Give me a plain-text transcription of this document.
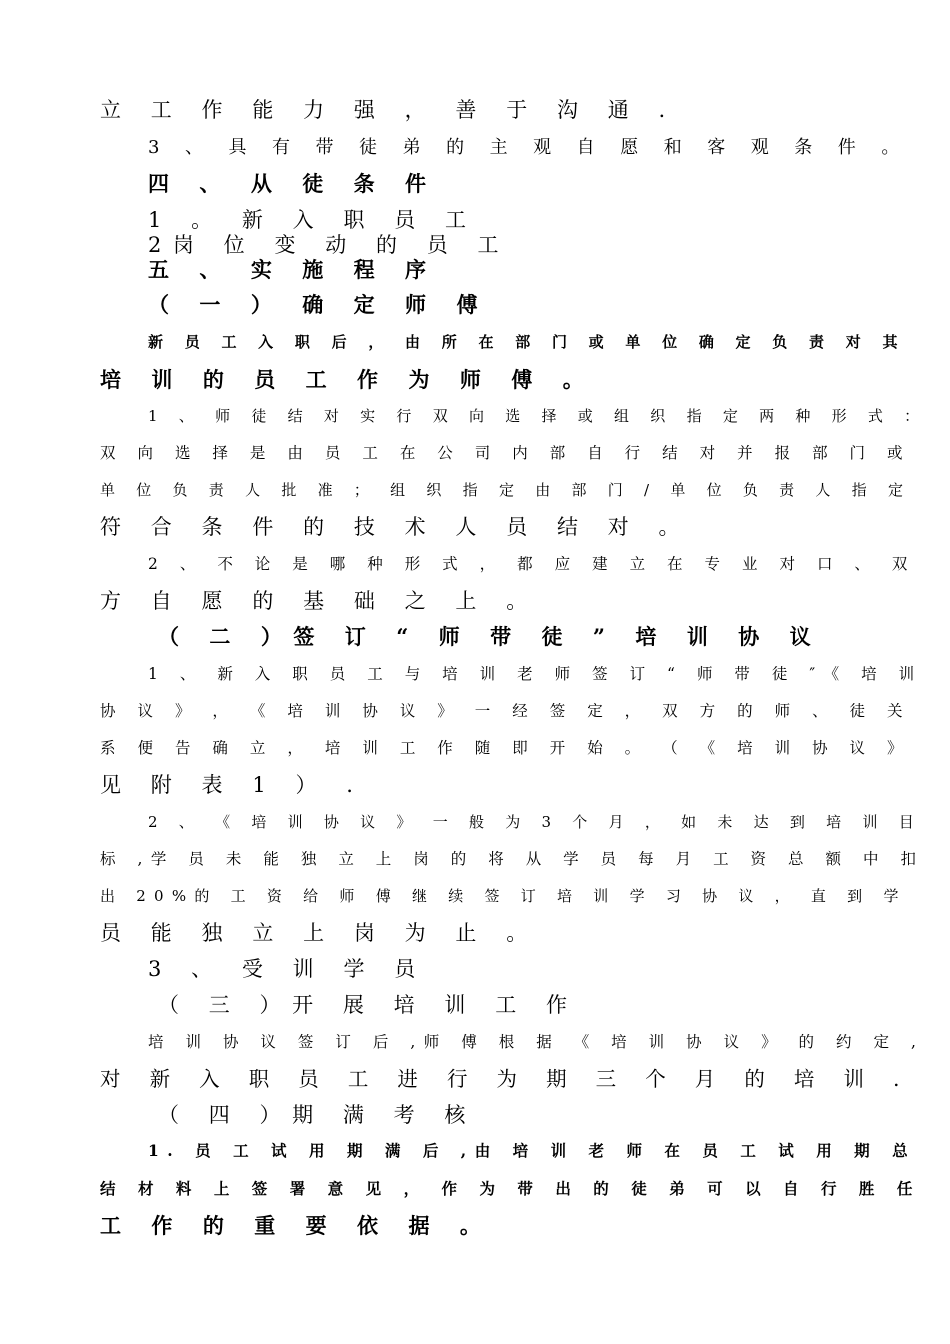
立 工 作 能 力 强 ， 善 于 沟 通 .
3 、 具 有 带 徒 弟 的 主 观 自 愿 和 客 观 条 件 。
四 、 从 徒 条 件
1 。 新 入 职 员 工
2岗 位 变 动 的 员 工
五 、 实 施 程 序
（ 一 ） 确 定 师 傅
新 员 工 入 职 后 ， 由 所 在 部 门 或 单 位 确 定 负 责 对 其
培 训 的 员 工 作 为 师 傅 。
1 、 师 徒 结 对 实 行 双 向 选 择 或 组 织 指 定 两 种 形 式 ：
双 向 选 择 是 由 员 工 在 公 司 内 部 自 行 结 对 并 报 部 门 或
单 位 负 责 人 批 准 ； 组 织 指 定 由 部 门 / 单 位 负 责 人 指 定
符 合 条 件 的 技 术 人 员 结 对 。
2 、 不 论 是 哪 种 形 式 ， 都 应 建 立 在 专 业 对 口 、 双
方 自 愿 的 基 础 之 上 。
（ 二 ）签 订 “ 师 带 徒 ” 培 训 协 议
1 、 新 入 职 员 工 与 培 训 老 师 签 订 “ 师 带 徒 ″《 培 训
协 议 》 ， 《 培 训 协 议 》 一 经 签 定 ， 双 方 的 师 、 徒 关
系 便 告 确 立 ， 培 训 工 作 随 即 开 始 。 （ 《 培 训 协 议 》
见 附 表 1 ） .
2 、 《 培 训 协 议 》 一 般 为 3 个 月 ， 如 未 达 到 培 训 目
标 ,学 员 未 能 独 立 上 岗 的 将 从 学 员 每 月 工 资 总 额 中 扣
出 20%的 工 资 给 师 傅 继 续 签 订 培 训 学 习 协 议 ， 直 到 学
员 能 独 立 上 岗 为 止 。
3 、 受 训 学 员
（ 三 ）开 展 培 训 工 作
培 训 协 议 签 订 后 ,师 傅 根 据 《 培 训 协 议 》 的 约 定 ,
对 新 入 职 员 工 进 行 为 期 三 个 月 的 培 训 .
（ 四 ）期 满 考 核
1. 员 工 试 用 期 满 后 ,由 培 训 老 师 在 员 工 试 用 期 总
结 材 料 上 签 署 意 见 ， 作 为 带 出 的 徒 弟 可 以 自 行 胜 任
工 作 的 重 要 依 据 。
